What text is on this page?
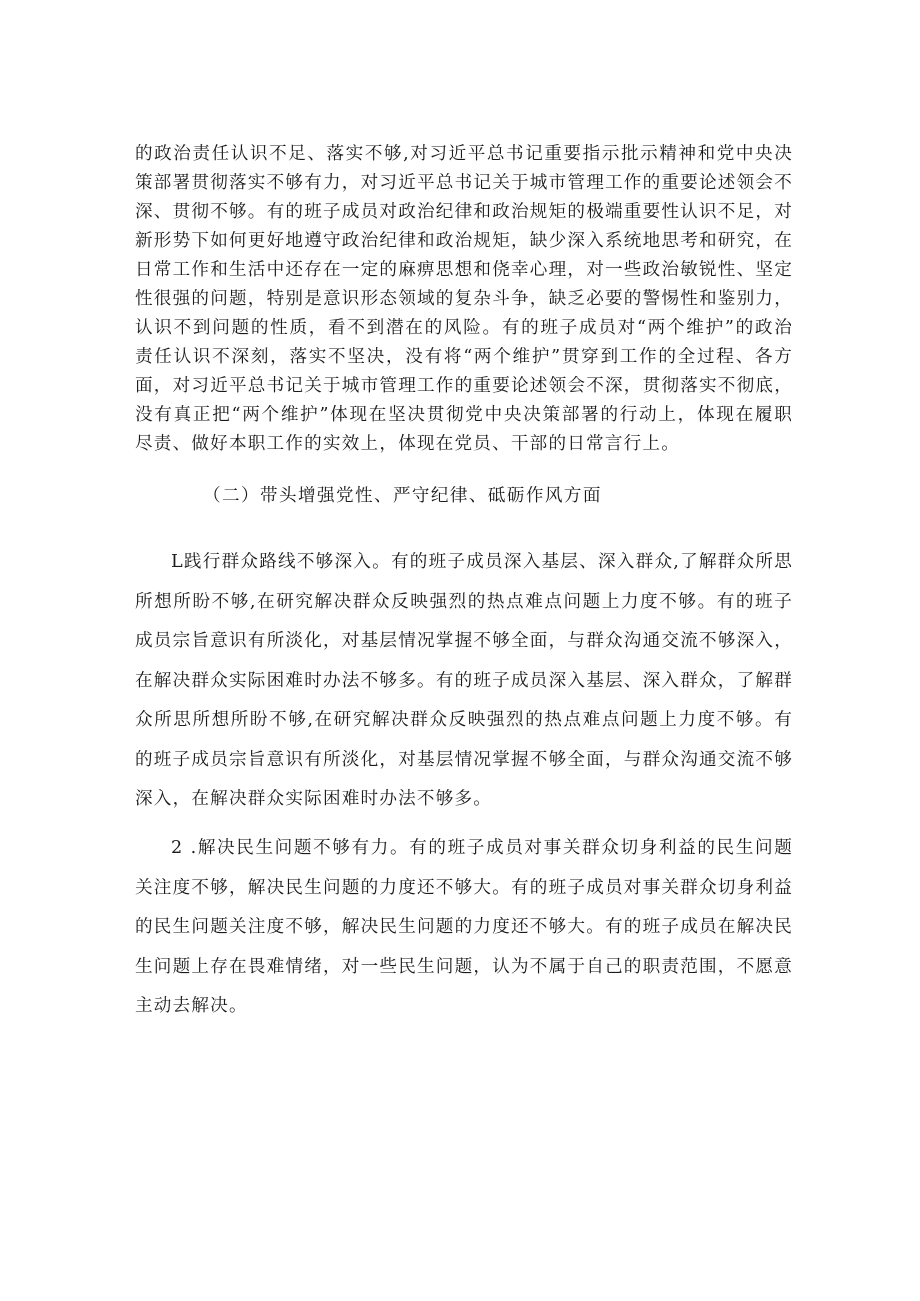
的政治责任认识不足、落实不够,对习近平总书记重要指示批示精神和党中央决策部署贯彻落实不够有力，对习近平总书记关于城市管理工作的重要论述领会不深、贯彻不够。有的班子成员对政治纪律和政治规矩的极端重要性认识不足，对新形势下如何更好地遵守政治纪律和政治规矩，缺少深入系统地思考和研究，在日常工作和生活中还存在一定的麻痹思想和侥幸心理，对一些政治敏锐性、坚定性很强的问题，特别是意识形态领域的复杂斗争，缺乏必要的警惕性和鉴别力，认识不到问题的性质，看不到潜在的风险。有的班子成员对“两个维护”的政治责任认识不深刻，落实不坚决，没有将“两个维护”贯穿到工作的全过程、各方面，对习近平总书记关于城市管理工作的重要论述领会不深，贯彻落实不彻底，没有真正把“两个维护”体现在坚决贯彻党中央决策部署的行动上，体现在履职尽责、做好本职工作的实效上，体现在党员、干部的日常言行上。

（二）带头增强党性、严守纪律、砥砺作风方面

L践行群众路线不够深入。有的班子成员深入基层、深入群众,了解群众所思所想所盼不够,在研究解决群众反映强烈的热点难点问题上力度不够。有的班子成员宗旨意识有所淡化，对基层情况掌握不够全面，与群众沟通交流不够深入，在解决群众实际困难时办法不够多。有的班子成员深入基层、深入群众，了解群众所思所想所盼不够,在研究解决群众反映强烈的热点难点问题上力度不够。有的班子成员宗旨意识有所淡化，对基层情况掌握不够全面，与群众沟通交流不够深入，在解决群众实际困难时办法不够多。

2 .解决民生问题不够有力。有的班子成员对事关群众切身利益的民生问题关注度不够，解决民生问题的力度还不够大。有的班子成员对事关群众切身利益的民生问题关注度不够，解决民生问题的力度还不够大。有的班子成员在解决民生问题上存在畏难情绪，对一些民生问题，认为不属于自己的职责范围，不愿意主动去解决。
